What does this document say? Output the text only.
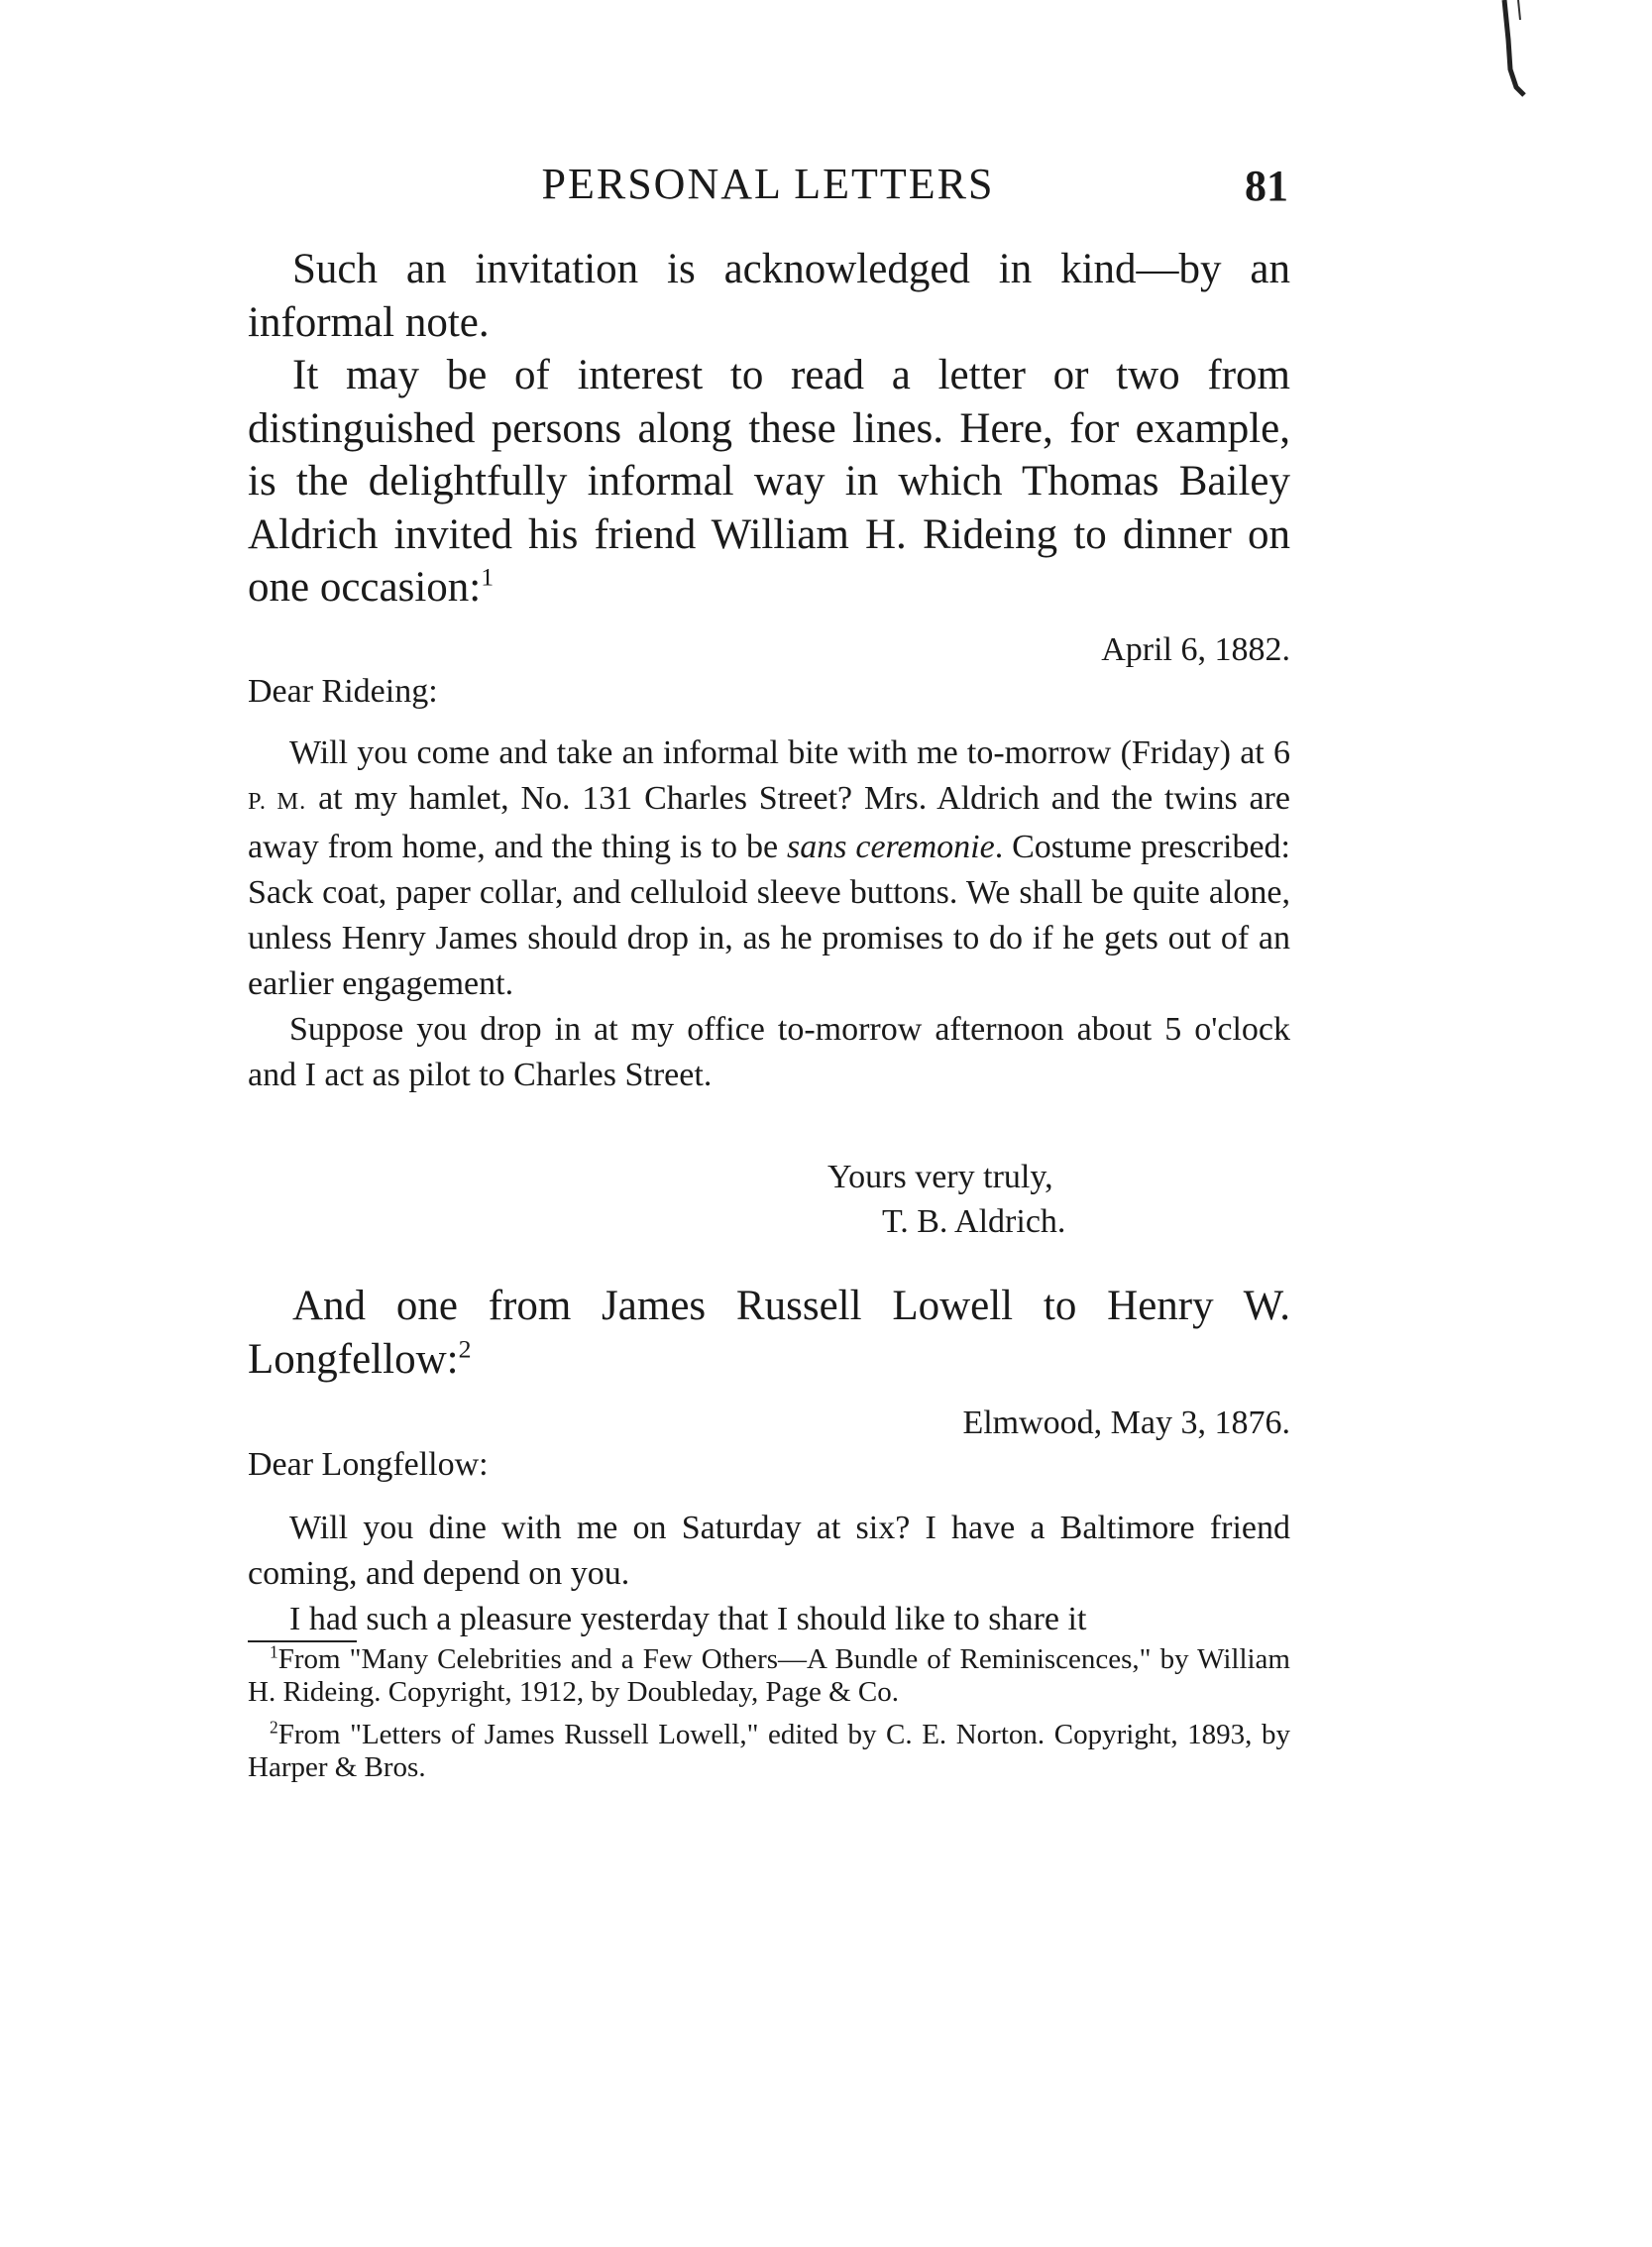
PERSONAL LETTERS	81

Such an invitation is acknowledged in kind—by an informal note.

It may be of interest to read a letter or two from distinguished persons along these lines. Here, for example, is the delightfully informal way in which Thomas Bailey Aldrich invited his friend William H. Rideing to dinner on one occasion:$^1$

April 6, 1882.
Dear Rideing:

Will you come and take an informal bite with me to-morrow (Friday) at 6 P. M. at my hamlet, No. 131 Charles Street? Mrs. Aldrich and the twins are away from home, and the thing is to be sans ceremonie. Costume prescribed: Sack coat, paper collar, and celluloid sleeve buttons. We shall be quite alone, unless Henry James should drop in, as he promises to do if he gets out of an earlier engagement.

Suppose you drop in at my office to-morrow afternoon about 5 o'clock and I act as pilot to Charles Street.

Yours very truly,
T. B. Aldrich.

And one from James Russell Lowell to Henry W. Longfellow:$^2$

Elmwood, May 3, 1876.
Dear Longfellow:

Will you dine with me on Saturday at six? I have a Baltimore friend coming, and depend on you.

I had such a pleasure yesterday that I should like to share it

$^1$From "Many Celebrities and a Few Others—A Bundle of Reminiscences," by William H. Rideing. Copyright, 1912, by Doubleday, Page & Co.

$^2$From "Letters of James Russell Lowell," edited by C. E. Norton. Copyright, 1893, by Harper & Bros.
